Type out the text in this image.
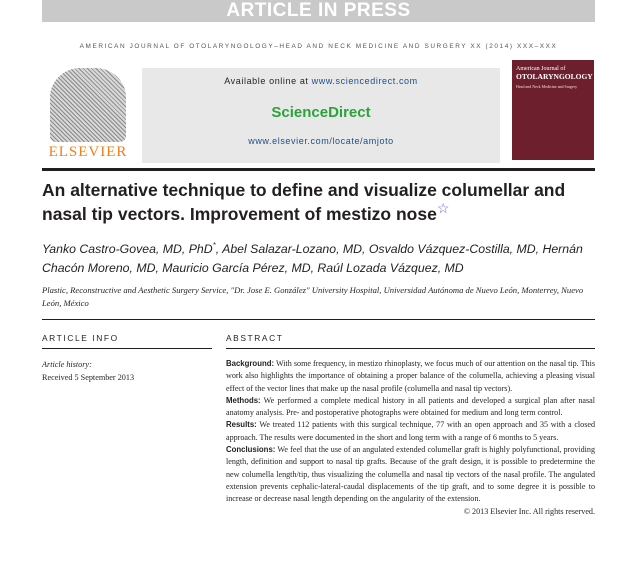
ARTICLE IN PRESS
AMERICAN JOURNAL OF OTOLARYNGOLOGY–HEAD AND NECK MEDICINE AND SURGERY XX (2014) XXX–XXX
ELSEVIER
Available online at www.sciencedirect.com
ScienceDirect
www.elsevier.com/locate/amjoto
American Journal of
OTOLARYNGOLOGY
Head and Neck Medicine and Surgery
An alternative technique to define and visualize columellar and nasal tip vectors. Improvement of mestizo nose☆
Yanko Castro-Govea, MD, PhD*, Abel Salazar-Lozano, MD, Osvaldo Vázquez-Costilla, MD, Hernán Chacón Moreno, MD, Mauricio García Pérez, MD, Raúl Lozada Vázquez, MD
Plastic, Reconstructive and Aesthetic Surgery Service, "Dr. Jose E. González" University Hospital, Universidad Autónoma de Nuevo León, Monterrey, Nuevo León, México
ARTICLE INFO	ABSTRACT
Article history:
Received 5 September 2013

Background: With some frequency, in mestizo rhinoplasty, we focus much of our attention on the nasal tip. This work also highlights the importance of obtaining a proper balance of the columella, achieving a pleasing visual effect of the vector lines that make up the nasal profile (columella and nasal tip vectors).

Methods: We performed a complete medical history in all patients and developed a surgical plan after nasal anatomy analysis. Pre- and postoperative photographs were obtained for medium and long term control.

Results: We treated 112 patients with this surgical technique, 77 with an open approach and 35 with a closed approach. The results were documented in the short and long term with a range of 6 months to 5 years.

Conclusions: We feel that the use of an angulated extended columellar graft is highly polyfunctional, providing length, definition and support to nasal tip grafts. Because of the graft design, it is possible to predetermine the new columella length/tip, thus visualizing the columella and nasal tip vectors of the nasal profile. The angulated extension prevents cephalic-lateral-caudal displacements of the tip graft, and to some degree it is possible to increase or decrease nasal length depending on the angularity of the extension.

© 2013 Elsevier Inc. All rights reserved.
